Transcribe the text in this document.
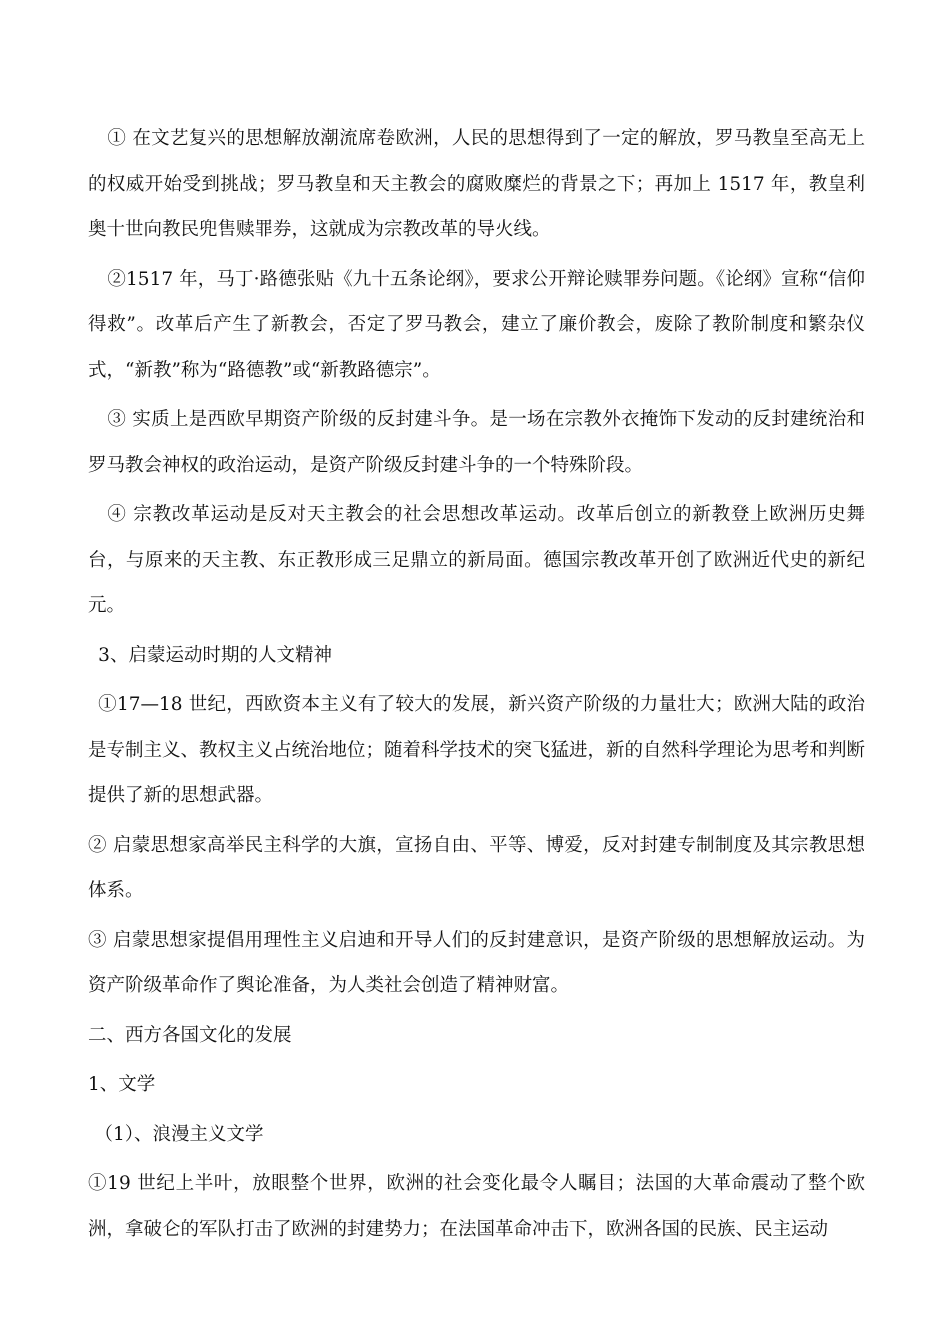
① 在文艺复兴的思想解放潮流席卷欧洲，人民的思想得到了一定的解放，罗马教皇至高无上的权威开始受到挑战；罗马教皇和天主教会的腐败糜烂的背景之下；再加上 1517 年，教皇利奥十世向教民兜售赎罪券，这就成为宗教改革的导火线。

②1517 年，马丁·路德张贴《九十五条论纲》，要求公开辩论赎罪券问题。《论纲》宣称“信仰得救”。改革后产生了新教会，否定了罗马教会，建立了廉价教会，废除了教阶制度和繁杂仪式，“新教”称为“路德教”或“新教路德宗”。

③ 实质上是西欧早期资产阶级的反封建斗争。是一场在宗教外衣掩饰下发动的反封建统治和罗马教会神权的政治运动，是资产阶级反封建斗争的一个特殊阶段。

④ 宗教改革运动是反对天主教会的社会思想改革运动。改革后创立的新教登上欧洲历史舞台，与原来的天主教、东正教形成三足鼎立的新局面。德国宗教改革开创了欧洲近代史的新纪元。

3、启蒙运动时期的人文精神

①17—18 世纪，西欧资本主义有了较大的发展，新兴资产阶级的力量壮大；欧洲大陆的政治是专制主义、教权主义占统治地位；随着科学技术的突飞猛进，新的自然科学理论为思考和判断提供了新的思想武器。

② 启蒙思想家高举民主科学的大旗，宣扬自由、平等、博爱，反对封建专制制度及其宗教思想体系。

③ 启蒙思想家提倡用理性主义启迪和开导人们的反封建意识，是资产阶级的思想解放运动。为资产阶级革命作了舆论准备，为人类社会创造了精神财富。

二、西方各国文化的发展

1、文学

（1）、浪漫主义文学

①19 世纪上半叶，放眼整个世界，欧洲的社会变化最令人瞩目；法国的大革命震动了整个欧洲，拿破仑的军队打击了欧洲的封建势力；在法国革命冲击下，欧洲各国的民族、民主运动
